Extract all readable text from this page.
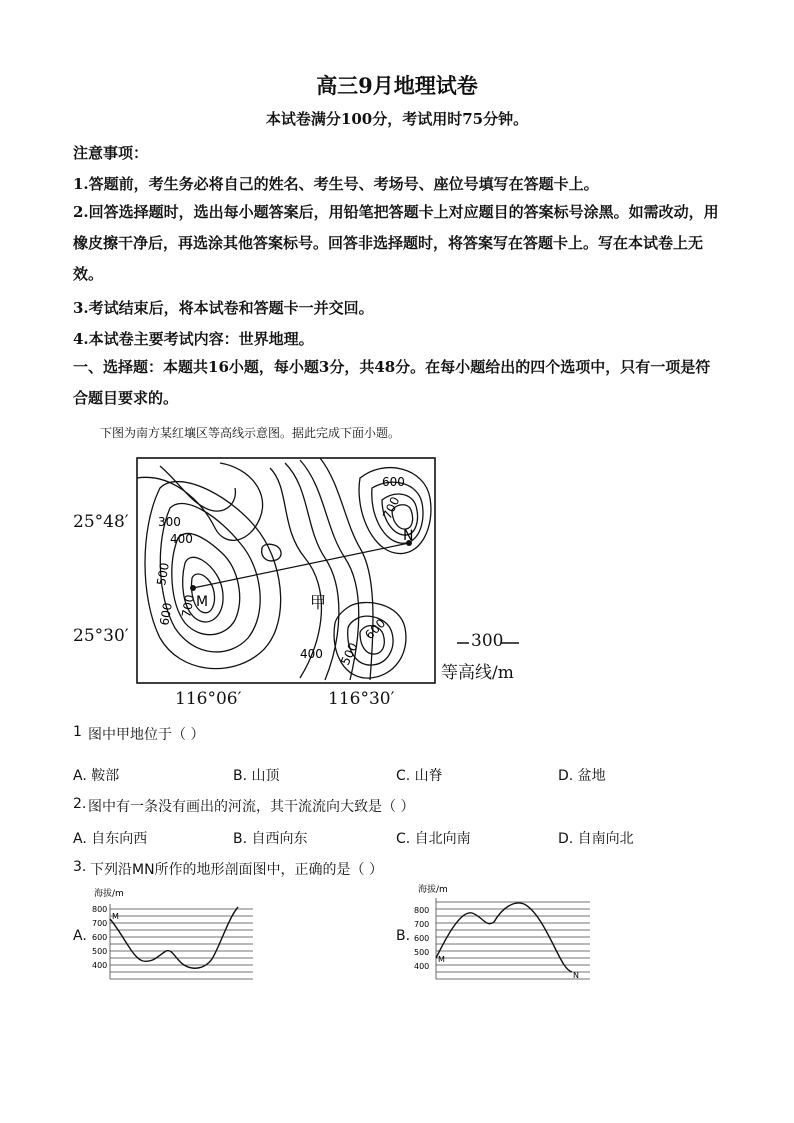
高三9月地理试卷
本试卷满分100分，考试用时75分钟。
注意事项：
1.答题前，考生务必将自己的姓名、考生号、考场号、座位号填写在答题卡上。
2.回答选择题时，选出每小题答案后，用铅笔把答题卡上对应题目的答案标号涂黑。如需改动，用橡皮擦干净后，再选涂其他答案标号。回答非选择题时，将答案写在答题卡上。写在本试卷上无效。
3.考试结束后，将本试卷和答题卡一并交回。
4.本试卷主要考试内容：世界地理。
一、选择题：本题共16小题，每小题3分，共48分。在每小题给出的四个选项中，只有一项是符合题目要求的。
下图为南方某红壤区等高线示意图。据此完成下面小题。
25°48′
25°30′
116°06′	116°30′
300
400
500
600 700 M
600
700
N
甲
400 500
600	300
等高线/m
1 图中甲地位于（ ）
A. 鞍部	B. 山顶	C. 山脊	D. 盆地
2. 图中有一条没有画出的河流，其干流流向大致是（ ）
A. 自东向西	B. 自西向东	C. 自北向南	D. 自南向北
3. 下列沿MN所作的地形剖面图中，正确的是（ ）
A.	B.
海拔/m
800
700
600
500
400
M
海拔/m
800
700
600
500
400
M
N
